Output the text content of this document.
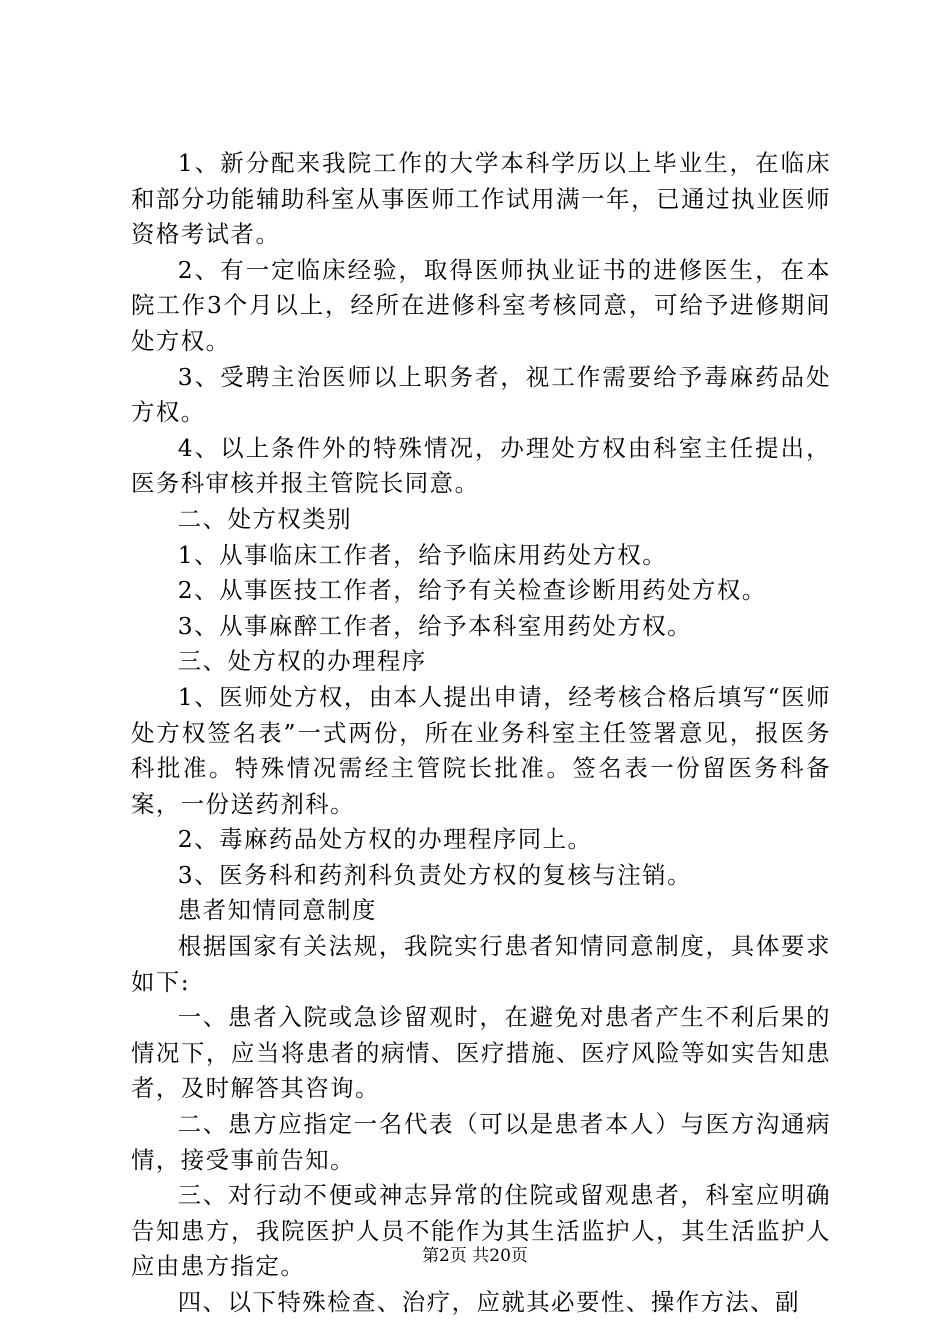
1、新分配来我院工作的大学本科学历以上毕业生，在临床和部分功能辅助科室从事医师工作试用满一年，已通过执业医师资格考试者。

2、有一定临床经验，取得医师执业证书的进修医生，在本院工作3个月以上，经所在进修科室考核同意，可给予进修期间处方权。

3、受聘主治医师以上职务者，视工作需要给予毒麻药品处方权。

4、以上条件外的特殊情况，办理处方权由科室主任提出，医务科审核并报主管院长同意。

二、处方权类别

1、从事临床工作者，给予临床用药处方权。

2、从事医技工作者，给予有关检查诊断用药处方权。

3、从事麻醉工作者，给予本科室用药处方权。

三、处方权的办理程序

1、医师处方权，由本人提出申请，经考核合格后填写“医师处方权签名表”一式两份，所在业务科室主任签署意见，报医务科批准。特殊情况需经主管院长批准。签名表一份留医务科备案，一份送药剂科。

2、毒麻药品处方权的办理程序同上。

3、医务科和药剂科负责处方权的复核与注销。

患者知情同意制度

根据国家有关法规，我院实行患者知情同意制度，具体要求如下:

一、患者入院或急诊留观时，在避免对患者产生不利后果的情况下，应当将患者的病情、医疗措施、医疗风险等如实告知患者，及时解答其咨询。

二、患方应指定一名代表（可以是患者本人）与医方沟通病情，接受事前告知。

三、对行动不便或神志异常的住院或留观患者，科室应明确告知患方，我院医护人员不能作为其生活监护人，其生活监护人应由患方指定。

四、以下特殊检查、治疗，应就其必要性、操作方法、副

第2页 共20页
